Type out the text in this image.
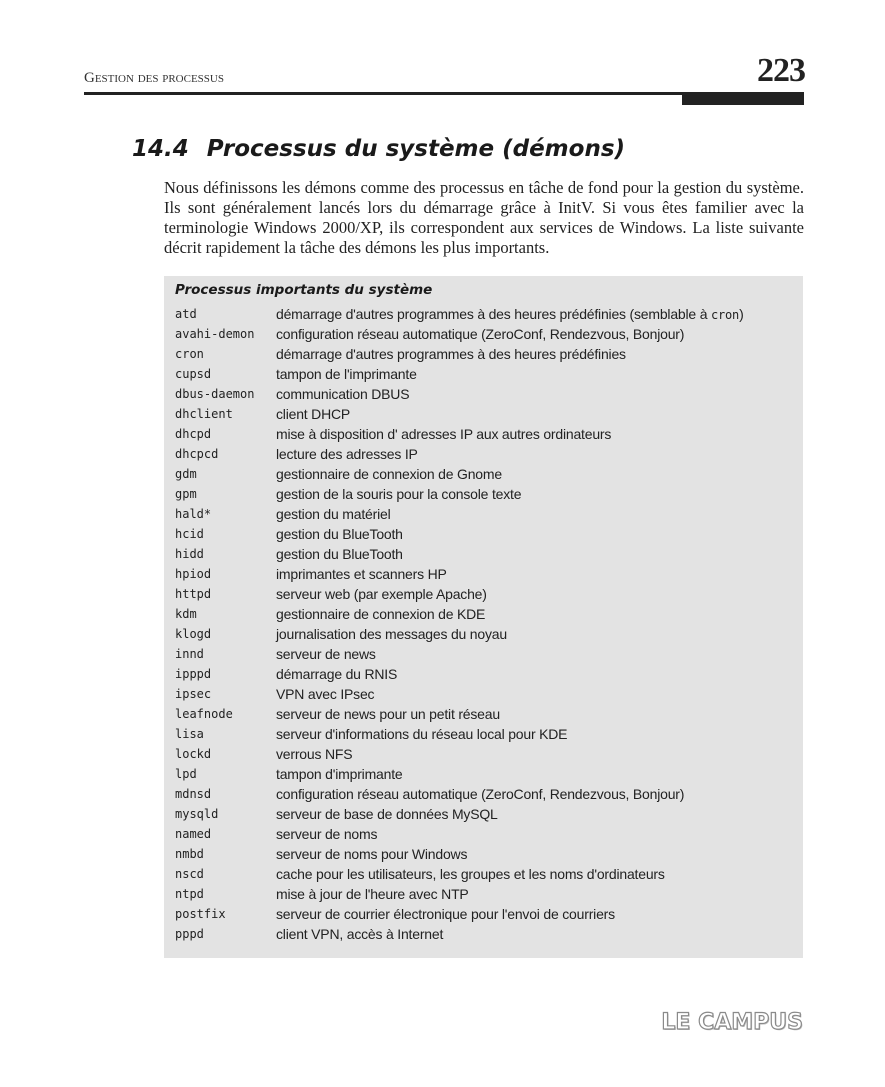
Gestion des processus	223
14.4 Processus du système (démons)

Nous définissons les démons comme des processus en tâche de fond pour la gestion du système. Ils sont généralement lancés lors du démarrage grâce à InitV. Si vous êtes familier avec la terminologie Windows 2000/XP, ils correspondent aux services de Windows. La liste suivante décrit rapidement la tâche des démons les plus importants.

Processus importants du système
atd	démarrage d'autres programmes à des heures prédéfinies (semblable à cron)
avahi-demon	configuration réseau automatique (ZeroConf, Rendezvous, Bonjour)
cron	démarrage d'autres programmes à des heures prédéfinies
cupsd	tampon de l'imprimante
dbus-daemon	communication DBUS
dhclient	client DHCP
dhcpd	mise à disposition d' adresses IP aux autres ordinateurs
dhcpcd	lecture des adresses IP
gdm	gestionnaire de connexion de Gnome
gpm	gestion de la souris pour la console texte
hald*	gestion du matériel
hcid	gestion du BlueTooth
hidd	gestion du BlueTooth
hpiod	imprimantes et scanners HP
httpd	serveur web (par exemple Apache)
kdm	gestionnaire de connexion de KDE
klogd	journalisation des messages du noyau
innd	serveur de news
ipppd	démarrage du RNIS
ipsec	VPN avec IPsec
leafnode	serveur de news pour un petit réseau
lisa	serveur d'informations du réseau local pour KDE
lockd	verrous NFS
lpd	tampon d'imprimante
mdnsd	configuration réseau automatique (ZeroConf, Rendezvous, Bonjour)
mysqld	serveur de base de données MySQL
named	serveur de noms
nmbd	serveur de noms pour Windows
nscd	cache pour les utilisateurs, les groupes et les noms d'ordinateurs
ntpd	mise à jour de l'heure avec NTP
postfix	serveur de courrier électronique pour l'envoi de courriers
pppd	client VPN, accès à Internet
LE CAMPUS
